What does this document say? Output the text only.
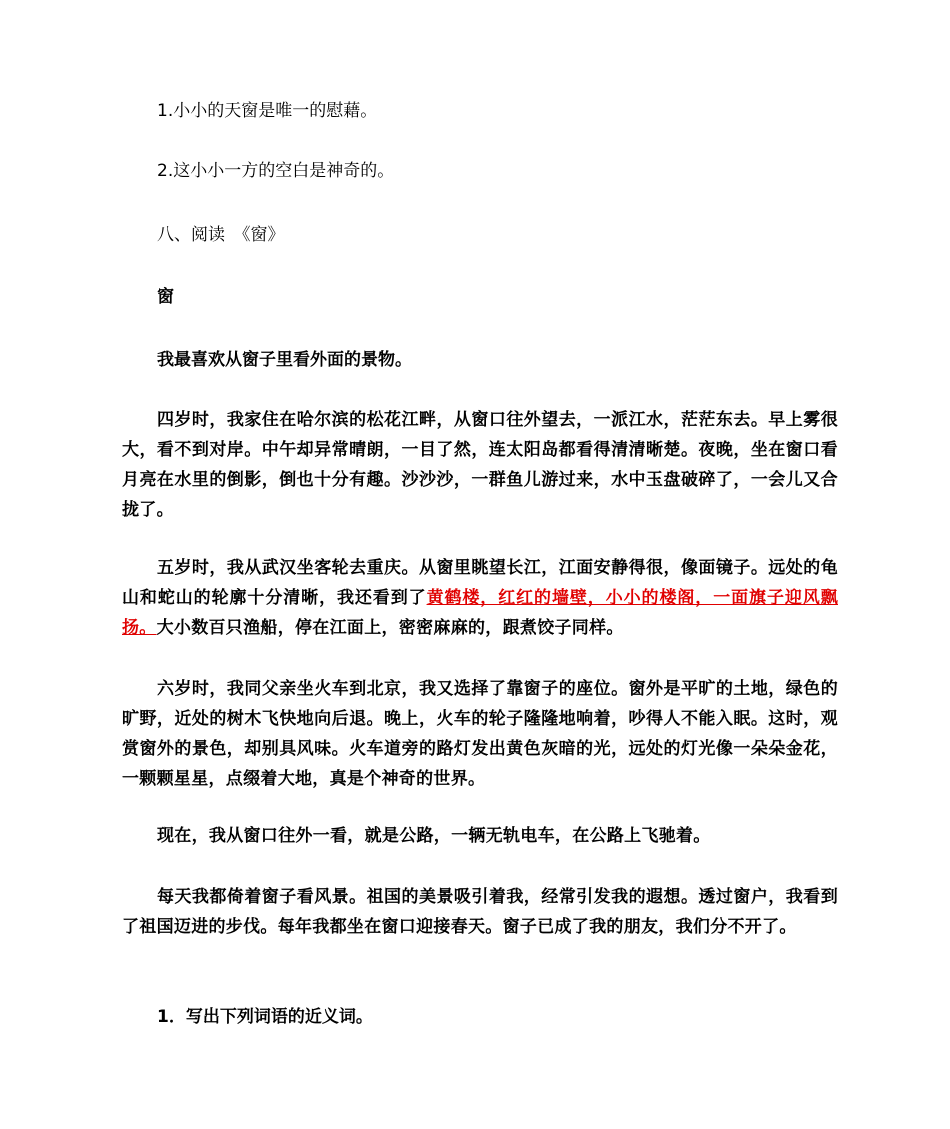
1.小小的天窗是唯一的慰藉。
2.这小小一方的空白是神奇的。
八、阅读　《窗》
窗
我最喜欢从窗子里看外面的景物。
四岁时，我家住在哈尔滨的松花江畔，从窗口往外望去，一派江水，茫茫东去。早上雾很大，看不到对岸。中午却异常晴朗，一目了然，连太阳岛都看得清清晰楚。夜晚，坐在窗口看月亮在水里的倒影，倒也十分有趣。沙沙沙，一群鱼儿游过来，水中玉盘破碎了，一会儿又合拢了。
五岁时，我从武汉坐客轮去重庆。从窗里眺望长江，江面安静得很，像面镜子。远处的龟山和蛇山的轮廓十分清晰，我还看到了黄鹤楼，红红的墙壁，小小的楼阁，一面旗子迎风飘扬。大小数百只渔船，停在江面上，密密麻麻的，跟煮饺子同样。
六岁时，我同父亲坐火车到北京，我又选择了靠窗子的座位。窗外是平旷的土地，绿色的旷野，近处的树木飞快地向后退。晚上，火车的轮子隆隆地响着，吵得人不能入眠。这时，观赏窗外的景色，却别具风味。火车道旁的路灯发出黄色灰暗的光，远处的灯光像一朵朵金花，一颗颗星星，点缀着大地，真是个神奇的世界。
现在，我从窗口往外一看，就是公路，一辆无轨电车，在公路上飞驰着。
每天我都倚着窗子看风景。祖国的美景吸引着我，经常引发我的遐想。透过窗户，我看到了祖国迈进的步伐。每年我都坐在窗口迎接春天。窗子已成了我的朋友，我们分不开了。
1．写出下列词语的近义词。
